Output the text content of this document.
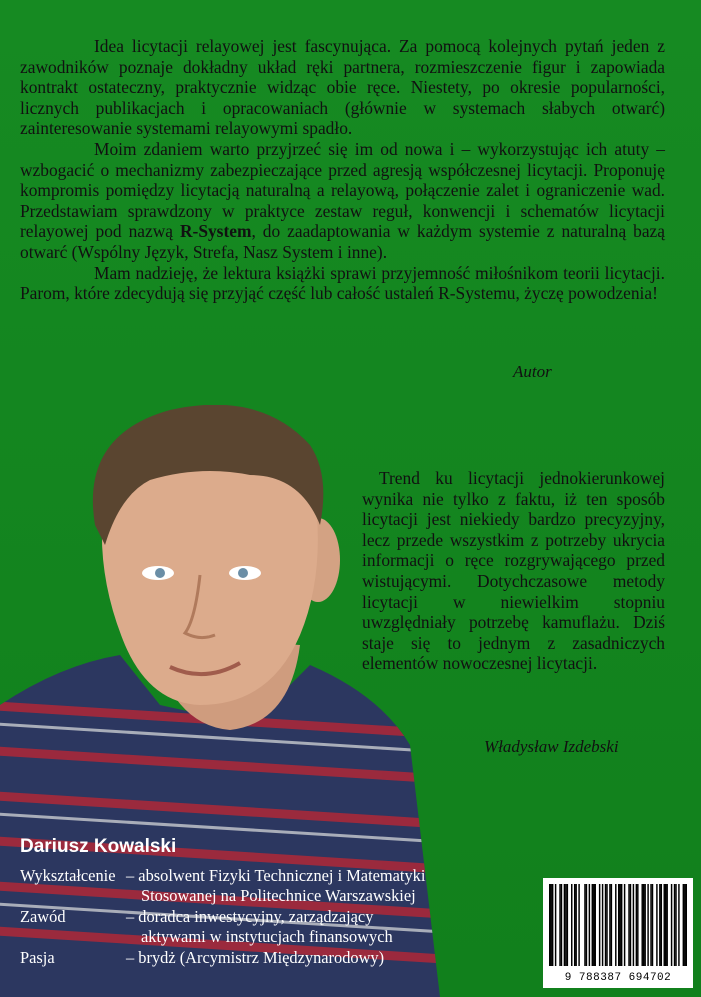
Idea licytacji relayowej jest fascynująca. Za pomocą kolejnych pytań jeden z zawodników poznaje dokładny układ ręki partnera, rozmieszczenie figur i zapowiada kontrakt ostateczny, praktycznie widząc obie ręce. Niestety, po okresie popularności, licznych publikacjach i opracowaniach (głównie w systemach słabych otwarć) zainteresowanie systemami relayowymi spadło.

Moim zdaniem warto przyjrzeć się im od nowa i – wykorzystując ich atuty – wzbogacić o mechanizmy zabezpieczające przed agresją współczesnej licytacji. Proponuję kompromis pomiędzy licytacją naturalną a relayową, połączenie zalet i ograniczenie wad. Przedstawiam sprawdzony w praktyce zestaw reguł, konwencji i schematów licytacji relayowej pod nazwą R-System, do zaadaptowania w każdym systemie z naturalną bazą otwarć (Wspólny Język, Strefa, Nasz System i inne).

Mam nadzieję, że lektura książki sprawi przyjemność miłośnikom teorii licytacji. Parom, które zdecydują się przyjąć część lub całość ustaleń R-Systemu, życzę powodzenia!

Autor

Trend ku licytacji jednokierunkowej wynika nie tylko z faktu, iż ten sposób licytacji jest niekiedy bardzo precyzyjny, lecz przede wszystkim z potrzeby ukrycia informacji o ręce rozgrywającego przed wistującymi. Dotychczasowe metody licytacji w niewielkim stopniu uwzględniały potrzebę kamuflażu. Dziś staje się to jednym z zasadniczych elementów nowoczesnej licytacji.

Władysław Izdebski
Dariusz Kowalski
Wykształcenie – absolwent Fizyki Technicznej i Matematyki
Stosowanej na Politechnice Warszawskiej
Zawód	– doradca inwestycyjny, zarządzający
aktywami w instytucjach finansowych
Pasja	– brydż (Arcymistrz Międzynarodowy)
9 788387 694702
